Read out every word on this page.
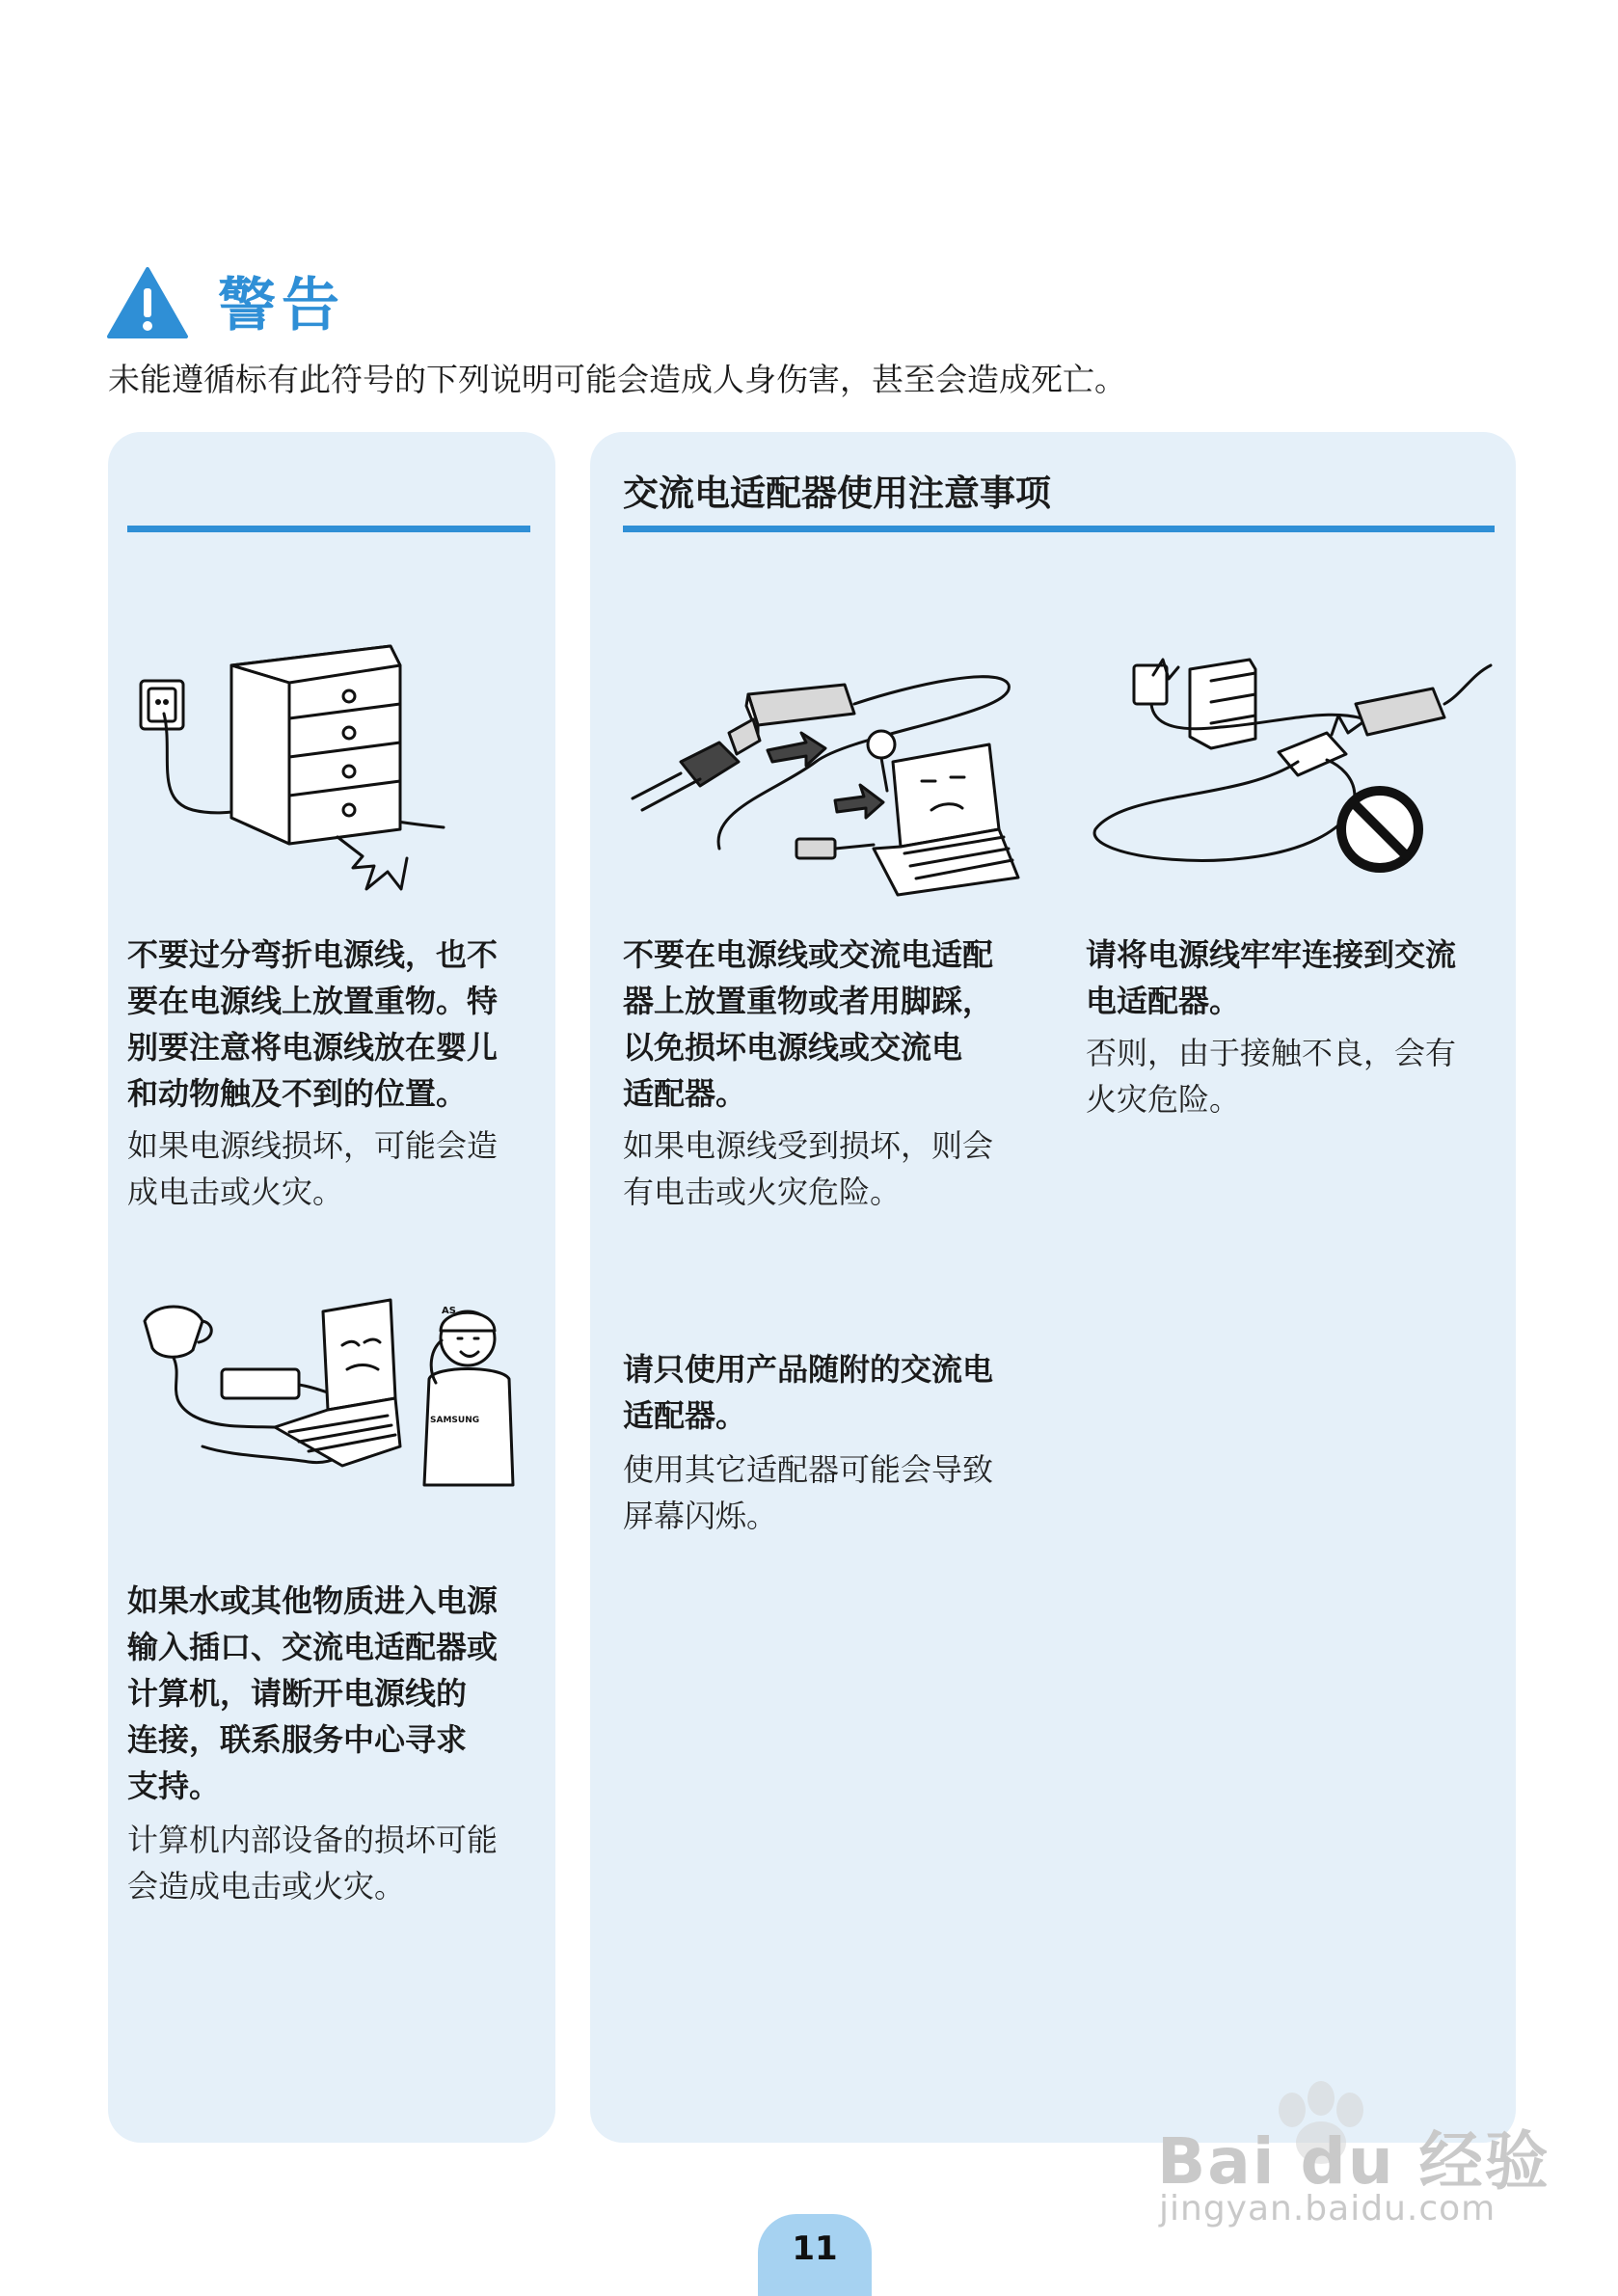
警告
未能遵循标有此符号的下列说明可能会造成人身伤害，甚至会造成死亡。
交流电适配器使用注意事项
不要过分弯折电源线，也不
要在电源线上放置重物。特
别要注意将电源线放在婴儿
和动物触及不到的位置。
如果电源线损坏，可能会造
成电击或火灾。
AS
SAMSUNG
如果水或其他物质进入电源
输入插口、交流电适配器或
计算机，请断开电源线的
连接，联系服务中心寻求
支持。
计算机内部设备的损坏可能
会造成电击或火灾。
不要在电源线或交流电适配
器上放置重物或者用脚踩，
以免损坏电源线或交流电
适配器。
如果电源线受到损坏，则会
有电击或火灾危险。
请将电源线牢牢连接到交流
电适配器。
否则，由于接触不良，会有
火灾危险。
请只使用产品随附的交流电
适配器。
使用其它适配器可能会导致
屏幕闪烁。
Bai du 经验
jingyan.baidu.com
11
